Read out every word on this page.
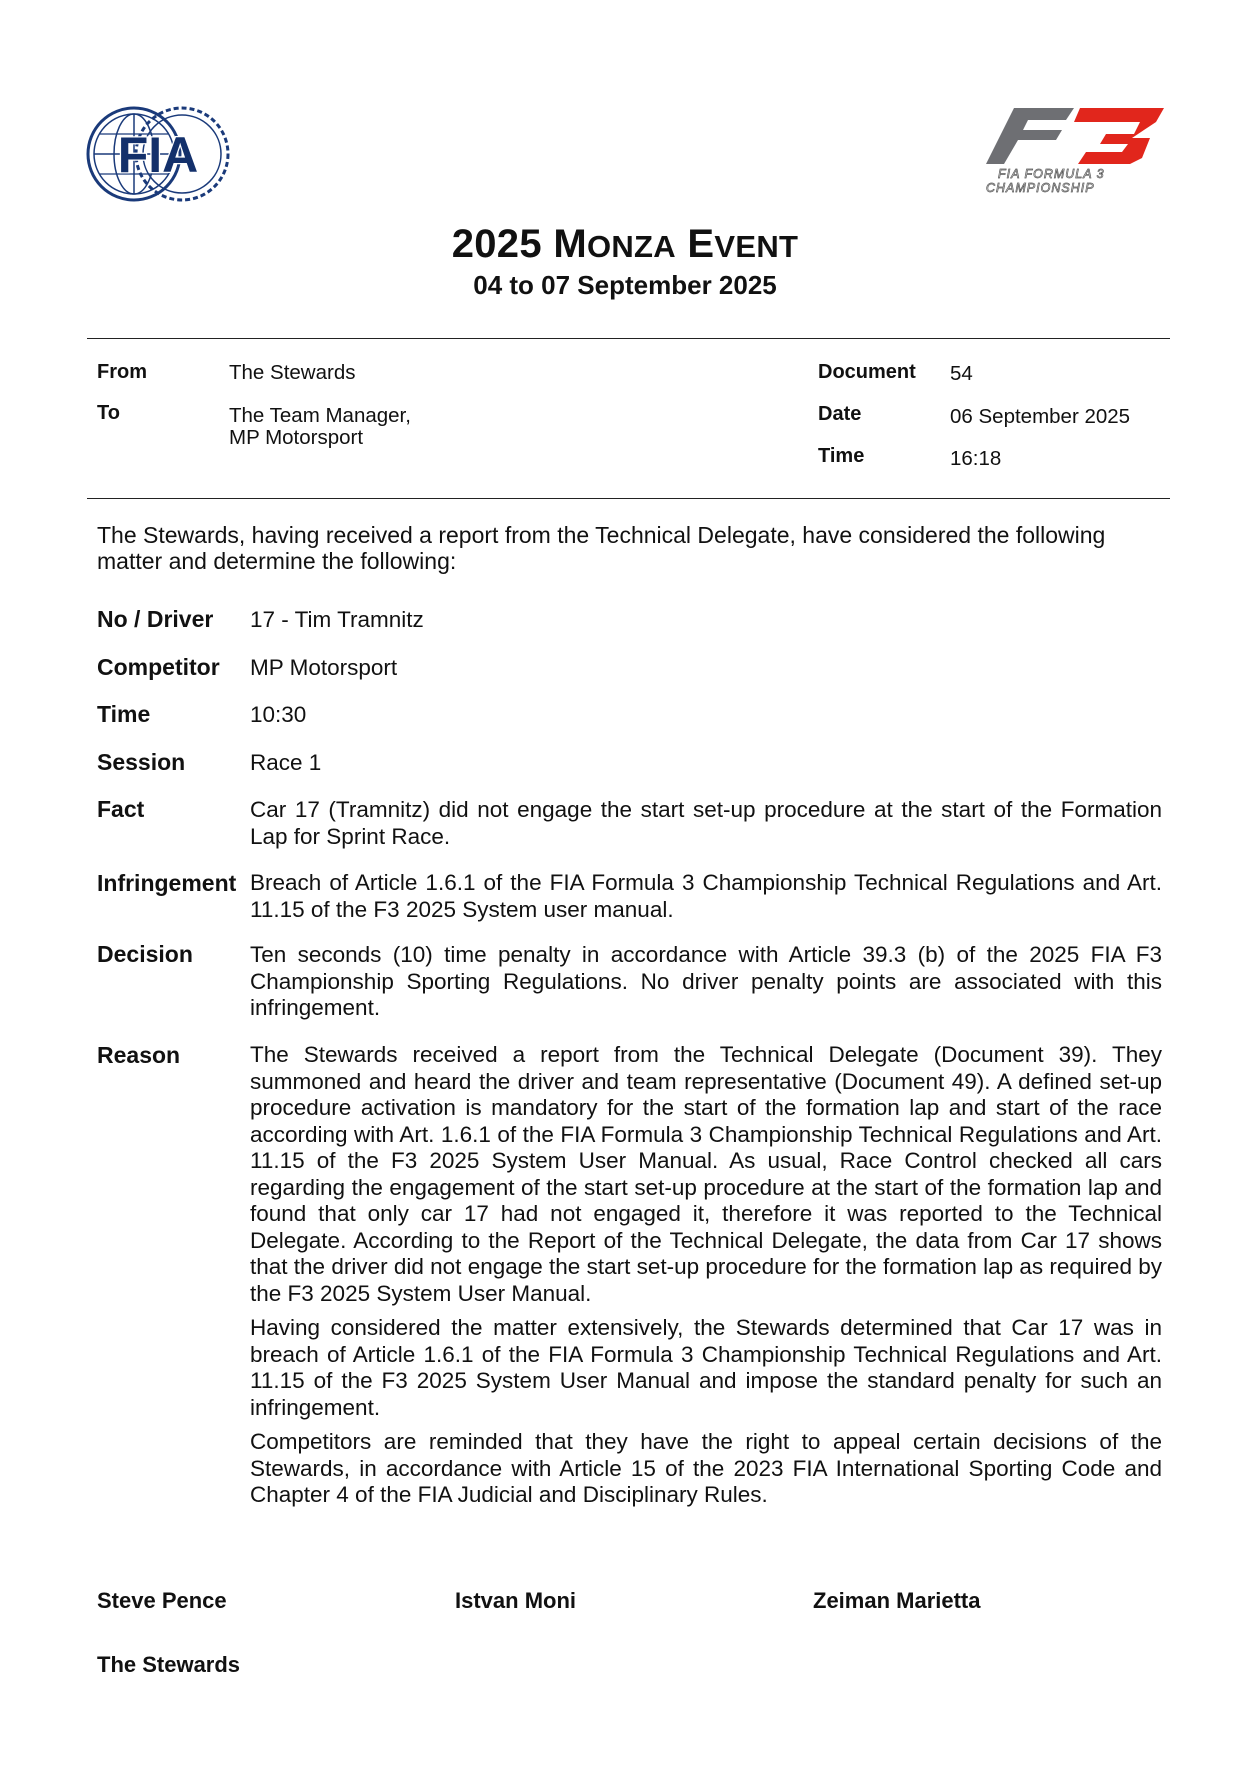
FIA	FIA FORMULA 3
CHAMPIONSHIP
2025 MONZA EVENT
04 to 07 September 2025
From	The Stewards
To	The Team Manager,
MP Motorsport
Document 54
Date	06 September 2025
Time	16:18
The Stewards, having received a report from the Technical Delegate, have considered the following matter and determine the following:
No / Driver	17 - Tim Tramnitz
Competitor	MP Motorsport
Time	10:30
Session	Race 1
Fact	Car 17 (Tramnitz) did not engage the start set-up procedure at the start of the Formation Lap for Sprint Race.
Infringement Breach of Article 1.6.1 of the FIA Formula 3 Championship Technical Regulations and Art. 11.15 of the F3 2025 System user manual.
Decision	Ten seconds (10) time penalty in accordance with Article 39.3 (b) of the 2025 FIA F3 Championship Sporting Regulations. No driver penalty points are associated with this infringement.
Reason	The Stewards received a report from the Technical Delegate (Document 39). They summoned and heard the driver and team representative (Document 49). A defined set-up procedure activation is mandatory for the start of the formation lap and start of the race according with Art. 1.6.1 of the FIA Formula 3 Championship Technical Regulations and Art. 11.15 of the F3 2025 System User Manual. As usual, Race Control checked all cars regarding the engagement of the start set-up procedure at the start of the formation lap and found that only car 17 had not engaged it, therefore it was reported to the Technical Delegate. According to the Report of the Technical Delegate, the data from Car 17 shows that the driver did not engage the start set-up procedure for the formation lap as required by the F3 2025 System User Manual.

Having considered the matter extensively, the Stewards determined that Car 17 was in breach of Article 1.6.1 of the FIA Formula 3 Championship Technical Regulations and Art. 11.15 of the F3 2025 System User Manual and impose the standard penalty for such an infringement.

Competitors are reminded that they have the right to appeal certain decisions of the Stewards, in accordance with Article 15 of the 2023 FIA International Sporting Code and Chapter 4 of the FIA Judicial and Disciplinary Rules.

Steve Pence	Istvan Moni	Zeiman Marietta
The Stewards
